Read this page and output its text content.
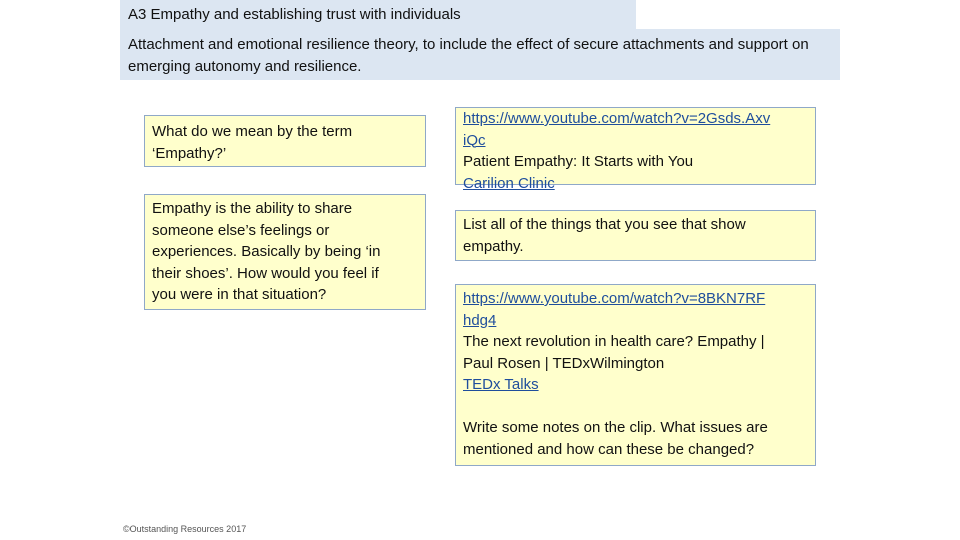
A3 Empathy and establishing trust with individuals
Attachment and emotional resilience theory, to include the effect of secure attachments and support on emerging autonomy and resilience.
What do we mean by the term
‘Empathy?’
Empathy is the ability to share
someone else’s feelings or
experiences. Basically by being ‘in
their shoes’. How would you feel if
you were in that situation?
https://www.youtube.com/watch?v=2Gsds.Axv
iQc
Patient Empathy: It Starts with You
Carilion Clinic
List all of the things that you see that show
empathy.
https://www.youtube.com/watch?v=8BKN7RF
hdg4
The next revolution in health care? Empathy |
Paul Rosen | TEDxWilmington
TEDx Talks
Write some notes on the clip. What issues are
mentioned and how can these be changed?
©Outstanding Resources 2017
